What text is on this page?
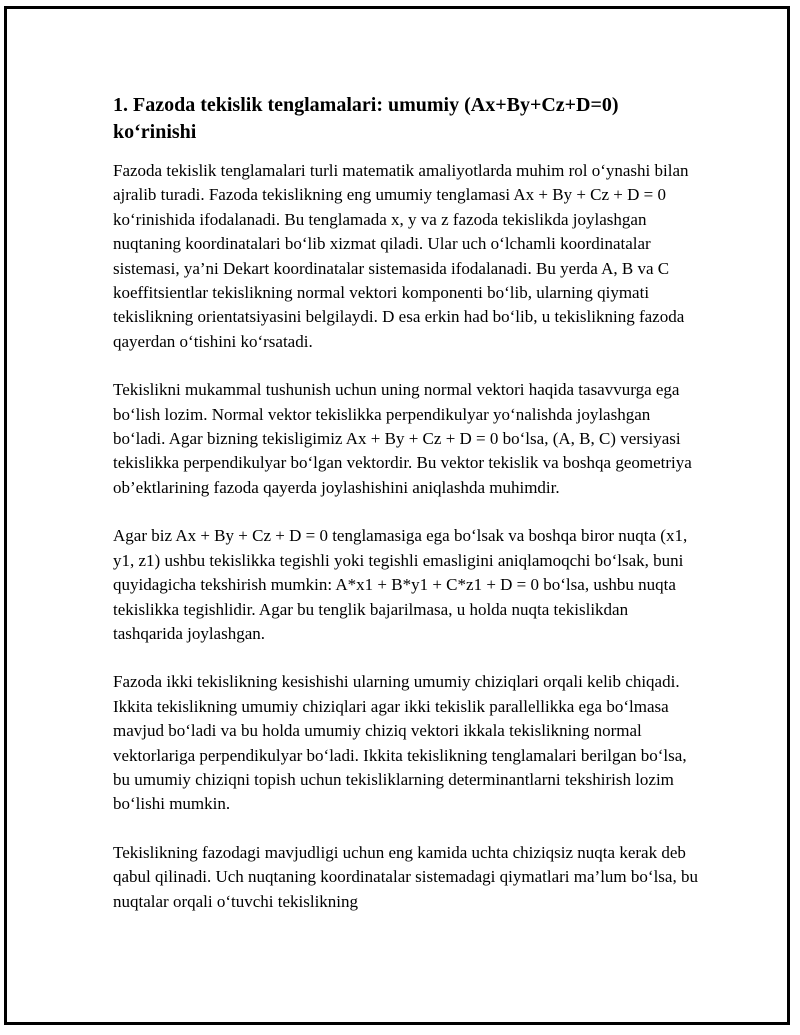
1. Fazoda tekislik tenglamalari: umumiy (Ax+By+Cz+D=0) ko‘rinishi

Fazoda tekislik tenglamalari turli matematik amaliyotlarda muhim rol o‘ynashi bilan ajralib turadi. Fazoda tekislikning eng umumiy tenglamasi Ax + By + Cz + D = 0 ko‘rinishida ifodalanadi. Bu tenglamada x, y va z fazoda tekislikda joylashgan nuqtaning koordinatalari bo‘lib xizmat qiladi. Ular uch o‘lchamli koordinatalar sistemasi, ya’ni Dekart koordinatalar sistemasida ifodalanadi. Bu yerda A, B va C koeffitsientlar tekislikning normal vektori komponenti bo‘lib, ularning qiymati tekislikning orientatsiyasini belgilaydi. D esa erkin had bo‘lib, u tekislikning fazoda qayerdan o‘tishini ko‘rsatadi.

Tekislikni mukammal tushunish uchun uning normal vektori haqida tasavvurga ega bo‘lish lozim. Normal vektor tekislikka perpendikulyar yo‘nalishda joylashgan bo‘ladi. Agar bizning tekisligimiz Ax + By + Cz + D = 0 bo‘lsa, (A, B, C) versiyasi tekislikka perpendikulyar bo‘lgan vektordir. Bu vektor tekislik va boshqa geometriya ob’ektlarining fazoda qayerda joylashishini aniqlashda muhimdir.

Agar biz Ax + By + Cz + D = 0 tenglamasiga ega bo‘lsak va boshqa biror nuqta (x1, y1, z1) ushbu tekislikka tegishli yoki tegishli emasligini aniqlamoqchi bo‘lsak, buni quyidagicha tekshirish mumkin: A*x1 + B*y1 + C*z1 + D = 0 bo‘lsa, ushbu nuqta tekislikka tegishlidir. Agar bu tenglik bajarilmasa, u holda nuqta tekislikdan tashqarida joylashgan.

Fazoda ikki tekislikning kesishishi ularning umumiy chiziqlari orqali kelib chiqadi. Ikkita tekislikning umumiy chiziqlari agar ikki tekislik parallellikka ega bo‘lmasa mavjud bo‘ladi va bu holda umumiy chiziq vektori ikkala tekislikning normal vektorlariga perpendikulyar bo‘ladi. Ikkita tekislikning tenglamalari berilgan bo‘lsa, bu umumiy chiziqni topish uchun tekisliklarning determinantlarni tekshirish lozim bo‘lishi mumkin.

Tekislikning fazodagi mavjudligi uchun eng kamida uchta chiziqsiz nuqta kerak deb qabul qilinadi. Uch nuqtaning koordinatalar sistemadagi qiymatlari ma’lum bo‘lsa, bu nuqtalar orqali o‘tuvchi tekislikning
